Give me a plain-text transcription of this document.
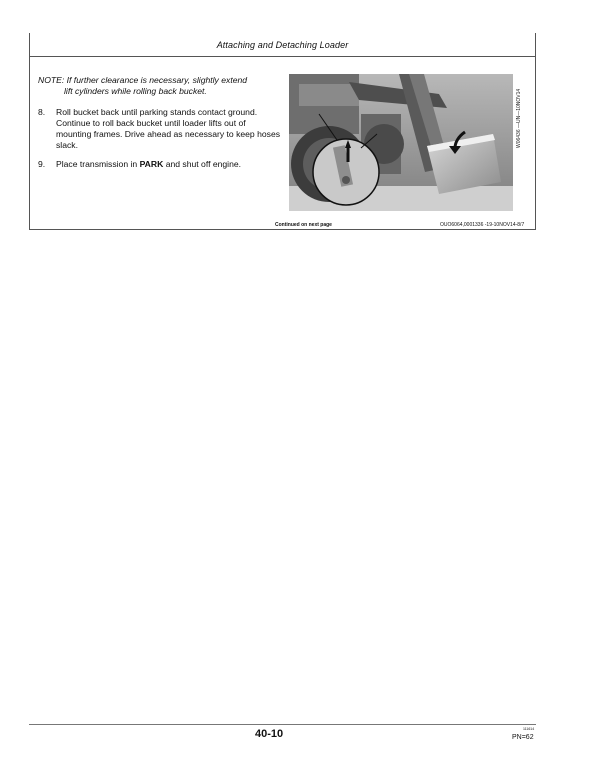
Attaching and Detaching Loader
NOTE: If further clearance is necessary, slightly extend
lift cylinders while rolling back bucket.
8.	Roll bucket back until parking stands contact ground. Continue to roll back bucket until loader lifts out of mounting frames. Drive ahead as necessary to keep hoses slack.
9.	Place transmission in PARK and shut off engine.
W06436 —UN—10NOV14
Continued on next page	OUO6064,0001336 -19-10NOV14-8/7
40-10	111614
PN=62
